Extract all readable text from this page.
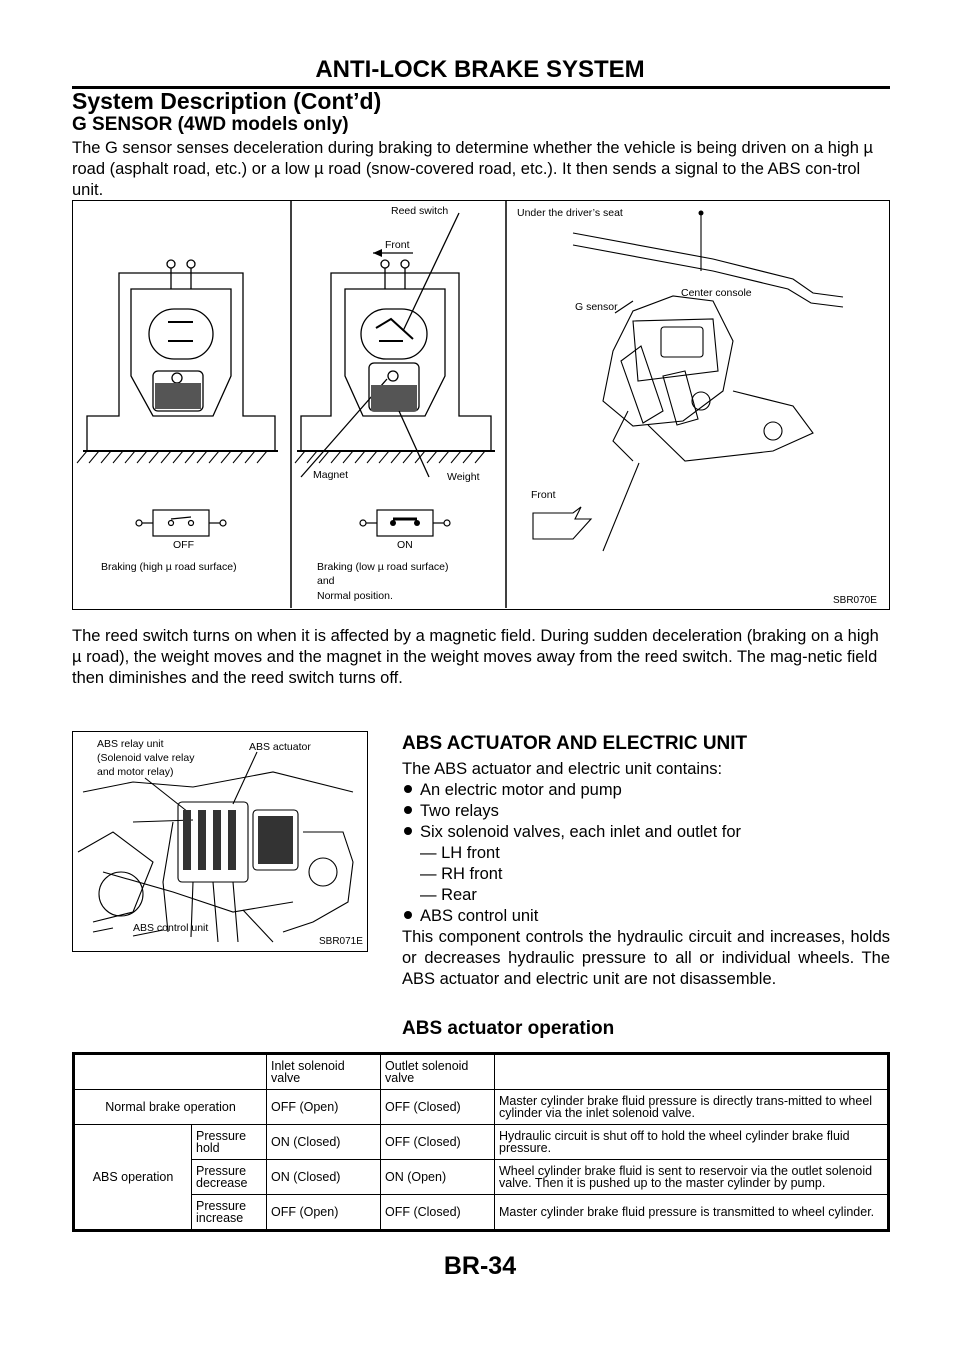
ANTI-LOCK BRAKE SYSTEM
System Description (Cont’d)
G SENSOR (4WD models only)
The G sensor senses deceleration during braking to determine whether the vehicle is being driven on a high µ road (asphalt road, etc.) or a low µ road (snow-covered road, etc.). It then sends a signal to the ABS con-trol unit.
Reed switch
Front
Under the driver’s seat
Center console
G sensor
Magnet	Weight
Front
OFF	ON
Braking (high µ road surface)	Braking (low µ road surface)
and
Normal position.	SBR070E
The reed switch turns on when it is affected by a magnetic field. During sudden deceleration (braking on a high µ road), the weight moves and the magnet in the weight moves away from the reed switch. The mag-netic field then diminishes and the reed switch turns off.
ABS relay unit
(Solenoid valve relay
and motor relay)
ABS actuator
ABS control unit
SBR071E
ABS ACTUATOR AND ELECTRIC UNIT
The ABS actuator and electric unit contains:
An electric motor and pump
Two relays
Six solenoid valves, each inlet and outlet for
— LH front
— RH front
— Rear
ABS control unit
This component controls the hydraulic circuit and increases, holds or decreases hydraulic pressure to all or individual wheels. The ABS actuator and electric unit are not disassemble.
ABS actuator operation
		Inlet solenoid valve	Outlet solenoid valve	
Normal brake operation		OFF (Open)	OFF (Closed)	Master cylinder brake fluid pressure is directly trans-mitted to wheel cylinder via the inlet solenoid valve.
ABS operation	Pressure hold	ON (Closed)	OFF (Closed)	Hydraulic circuit is shut off to hold the wheel cylinder brake fluid pressure.
	Pressure decrease	ON (Closed)	ON (Open)	Wheel cylinder brake fluid is sent to reservoir via the outlet solenoid valve. Then it is pushed up to the master cylinder by pump.
	Pressure increase	OFF (Open)	OFF (Closed)	Master cylinder brake fluid pressure is transmitted to wheel cylinder.
BR-34
